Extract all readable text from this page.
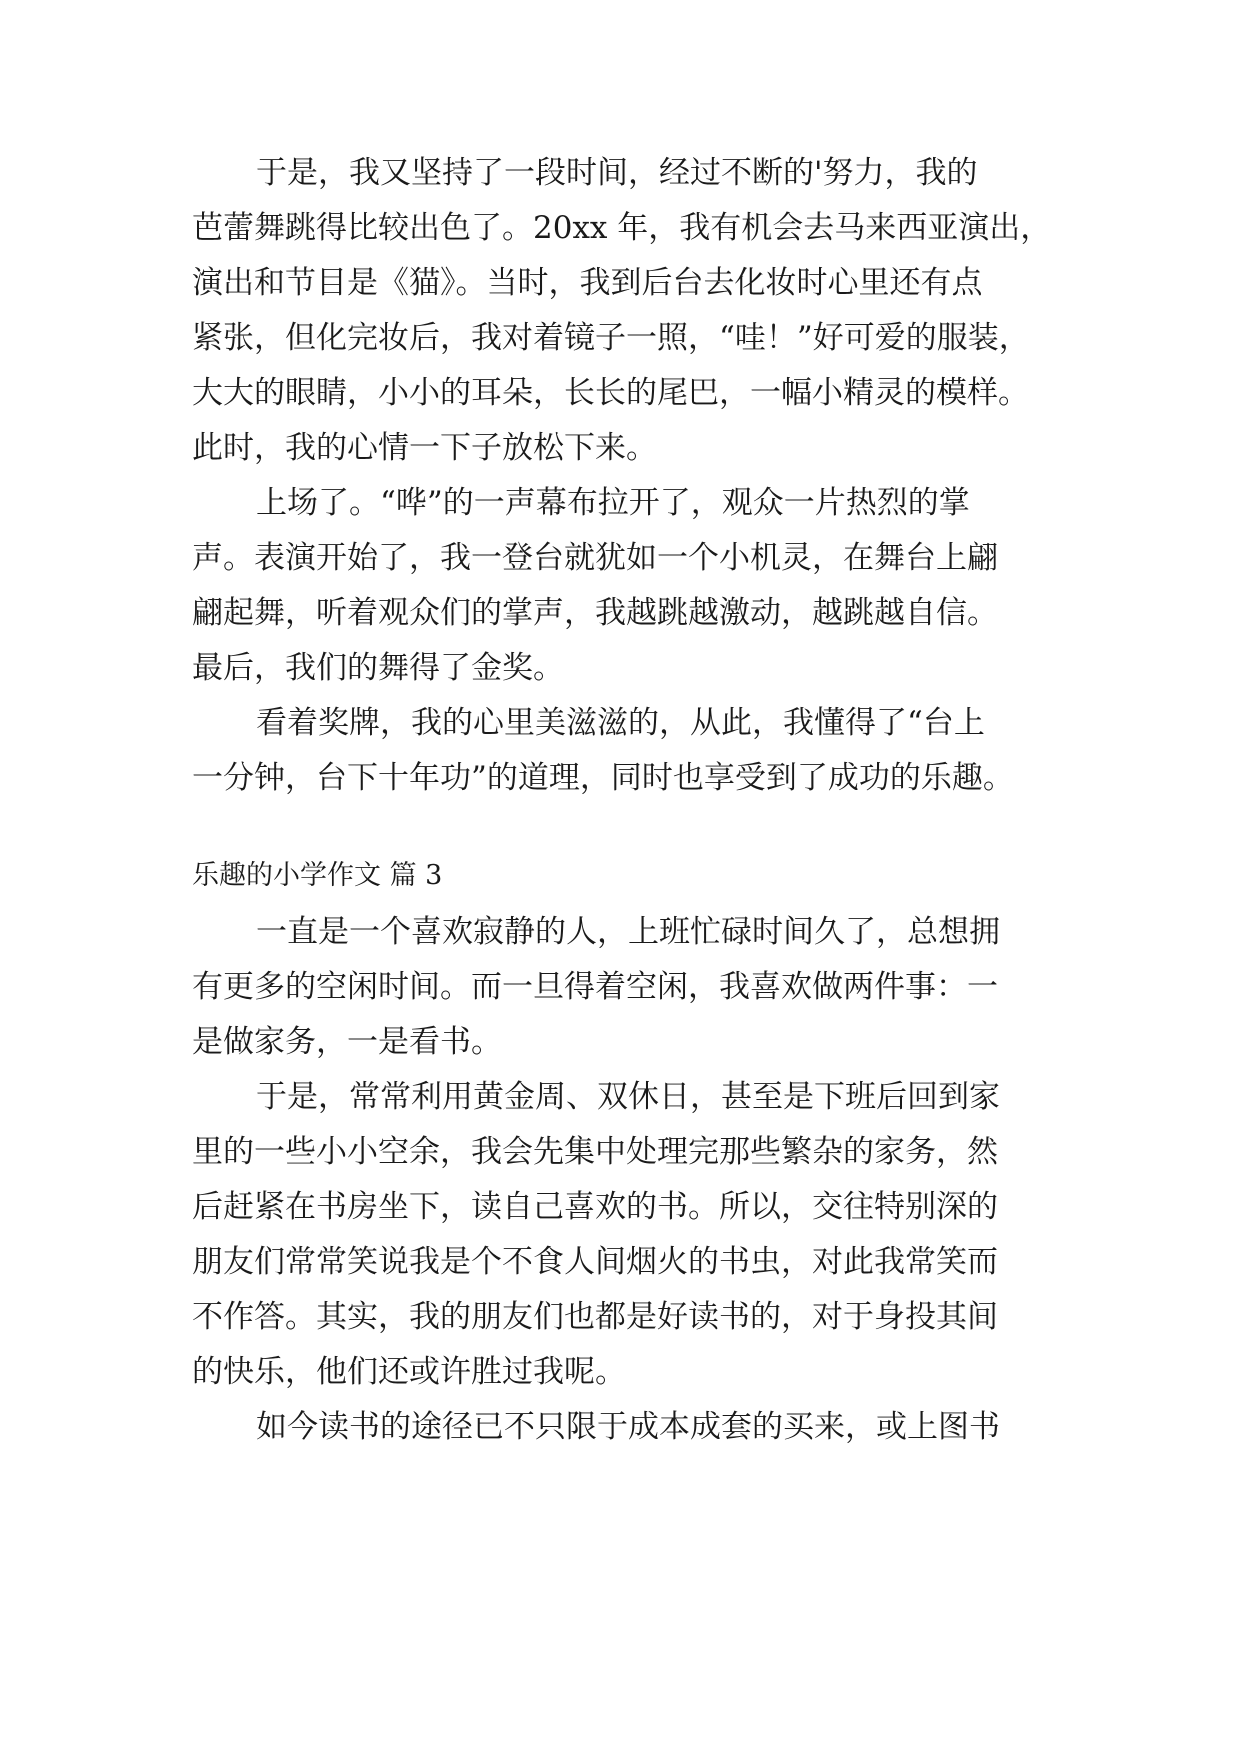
于是，我又坚持了一段时间，经过不断的'努力，我的

芭蕾舞跳得比较出色了。20xx 年，我有机会去马来西亚演出，

演出和节目是《猫》。当时，我到后台去化妆时心里还有点

紧张，但化完妆后，我对着镜子一照，“哇！”好可爱的服装，

大大的眼睛，小小的耳朵，长长的尾巴，一幅小精灵的模样。

此时，我的心情一下子放松下来。

上场了。“哗”的一声幕布拉开了，观众一片热烈的掌

声。表演开始了，我一登台就犹如一个小机灵，在舞台上翩

翩起舞，听着观众们的掌声，我越跳越激动，越跳越自信。

最后，我们的舞得了金奖。

看着奖牌，我的心里美滋滋的，从此，我懂得了“台上

一分钟，台下十年功”的道理，同时也享受到了成功的乐趣。

乐趣的小学作文 篇 3

一直是一个喜欢寂静的人，上班忙碌时间久了，总想拥

有更多的空闲时间。而一旦得着空闲，我喜欢做两件事：一

是做家务，一是看书。

于是，常常利用黄金周、双休日，甚至是下班后回到家

里的一些小小空余，我会先集中处理完那些繁杂的家务，然

后赶紧在书房坐下，读自己喜欢的书。所以，交往特别深的

朋友们常常笑说我是个不食人间烟火的书虫，对此我常笑而

不作答。其实，我的朋友们也都是好读书的，对于身投其间

的快乐，他们还或许胜过我呢。

如今读书的途径已不只限于成本成套的买来，或上图书
